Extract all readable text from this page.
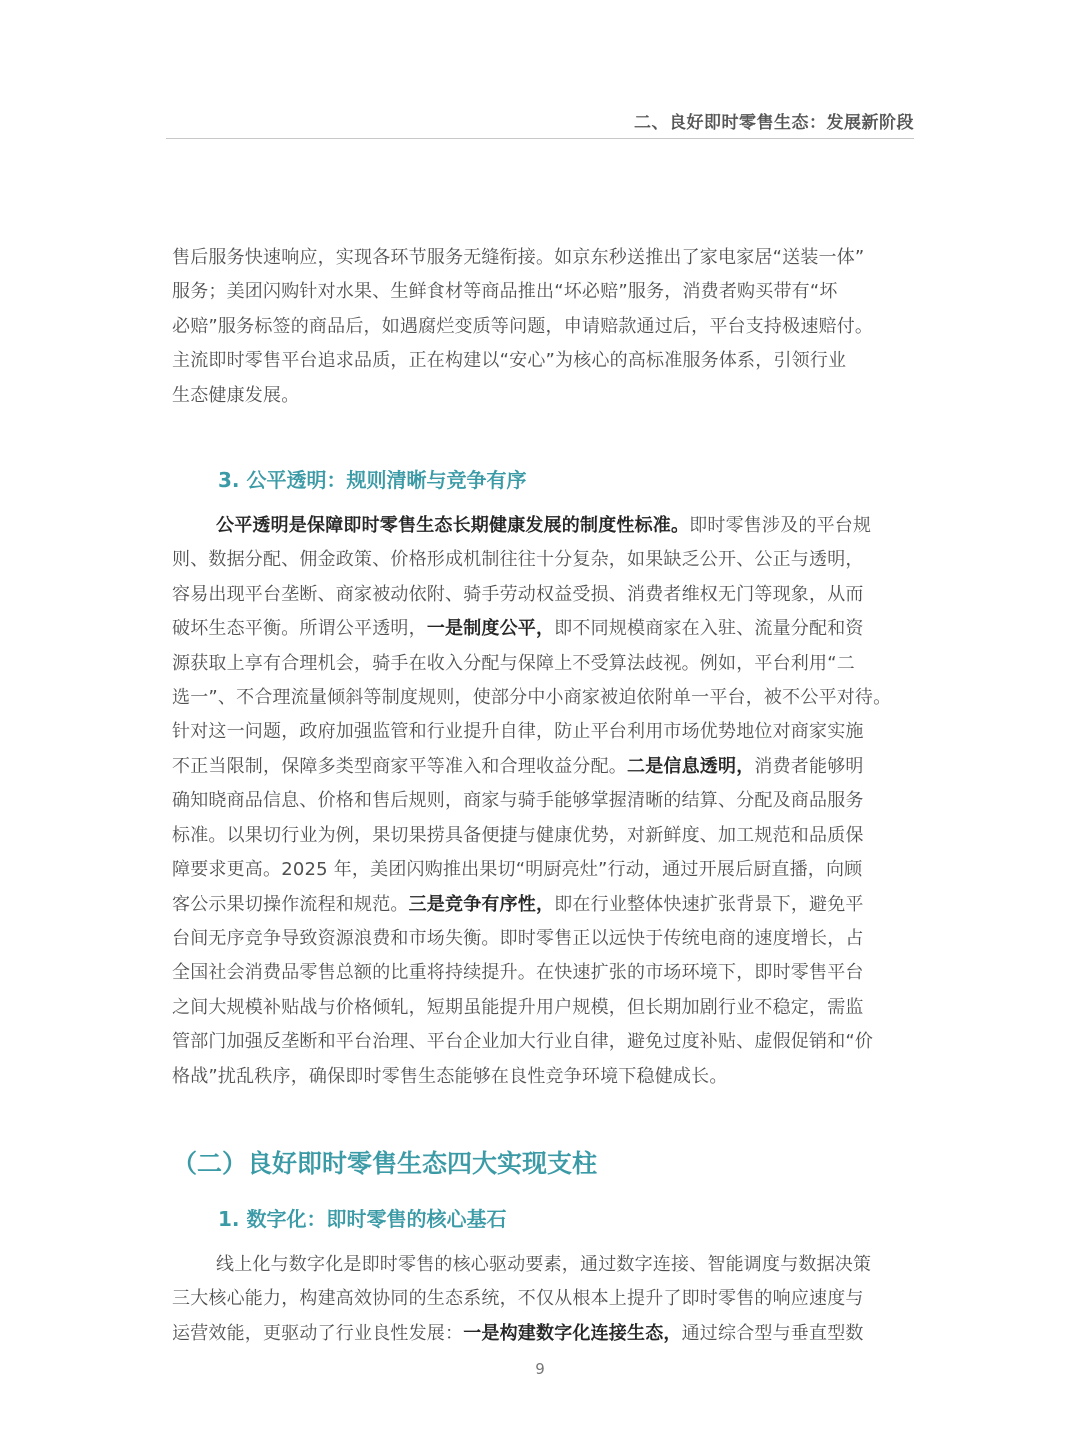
二、良好即时零售生态：发展新阶段

售后服务快速响应，实现各环节服务无缝衔接。如京东秒送推出了家电家居“送装一体”

服务；美团闪购针对水果、生鲜食材等商品推出“坏必赔”服务，消费者购买带有“坏

必赔”服务标签的商品后，如遇腐烂变质等问题，申请赔款通过后，平台支持极速赔付。

主流即时零售平台追求品质，正在构建以“安心”为核心的高标准服务体系，引领行业

生态健康发展。

3. 公平透明：规则清晰与竞争有序

公平透明是保障即时零售生态长期健康发展的制度性标准。即时零售涉及的平台规

则、数据分配、佣金政策、价格形成机制往往十分复杂，如果缺乏公开、公正与透明，

容易出现平台垄断、商家被动依附、骑手劳动权益受损、消费者维权无门等现象，从而

破坏生态平衡。所谓公平透明，一是制度公平，即不同规模商家在入驻、流量分配和资

源获取上享有合理机会，骑手在收入分配与保障上不受算法歧视。例如，平台利用“二

选一”、不合理流量倾斜等制度规则，使部分中小商家被迫依附单一平台，被不公平对待。

针对这一问题，政府加强监管和行业提升自律，防止平台利用市场优势地位对商家实施

不正当限制，保障多类型商家平等准入和合理收益分配。二是信息透明，消费者能够明

确知晓商品信息、价格和售后规则，商家与骑手能够掌握清晰的结算、分配及商品服务

标准。以果切行业为例，果切果捞具备便捷与健康优势，对新鲜度、加工规范和品质保

障要求更高。2025 年，美团闪购推出果切“明厨亮灶”行动，通过开展后厨直播，向顾

客公示果切操作流程和规范。三是竞争有序性，即在行业整体快速扩张背景下，避免平

台间无序竞争导致资源浪费和市场失衡。即时零售正以远快于传统电商的速度增长，占

全国社会消费品零售总额的比重将持续提升。在快速扩张的市场环境下，即时零售平台

之间大规模补贴战与价格倾轧，短期虽能提升用户规模，但长期加剧行业不稳定，需监

管部门加强反垄断和平台治理、平台企业加大行业自律，避免过度补贴、虚假促销和“价

格战”扰乱秩序，确保即时零售生态能够在良性竞争环境下稳健成长。

（二）良好即时零售生态四大实现支柱
1. 数字化：即时零售的核心基石

线上化与数字化是即时零售的核心驱动要素，通过数字连接、智能调度与数据决策

三大核心能力，构建高效协同的生态系统，不仅从根本上提升了即时零售的响应速度与

运营效能，更驱动了行业良性发展：一是构建数字化连接生态，通过综合型与垂直型数

9
